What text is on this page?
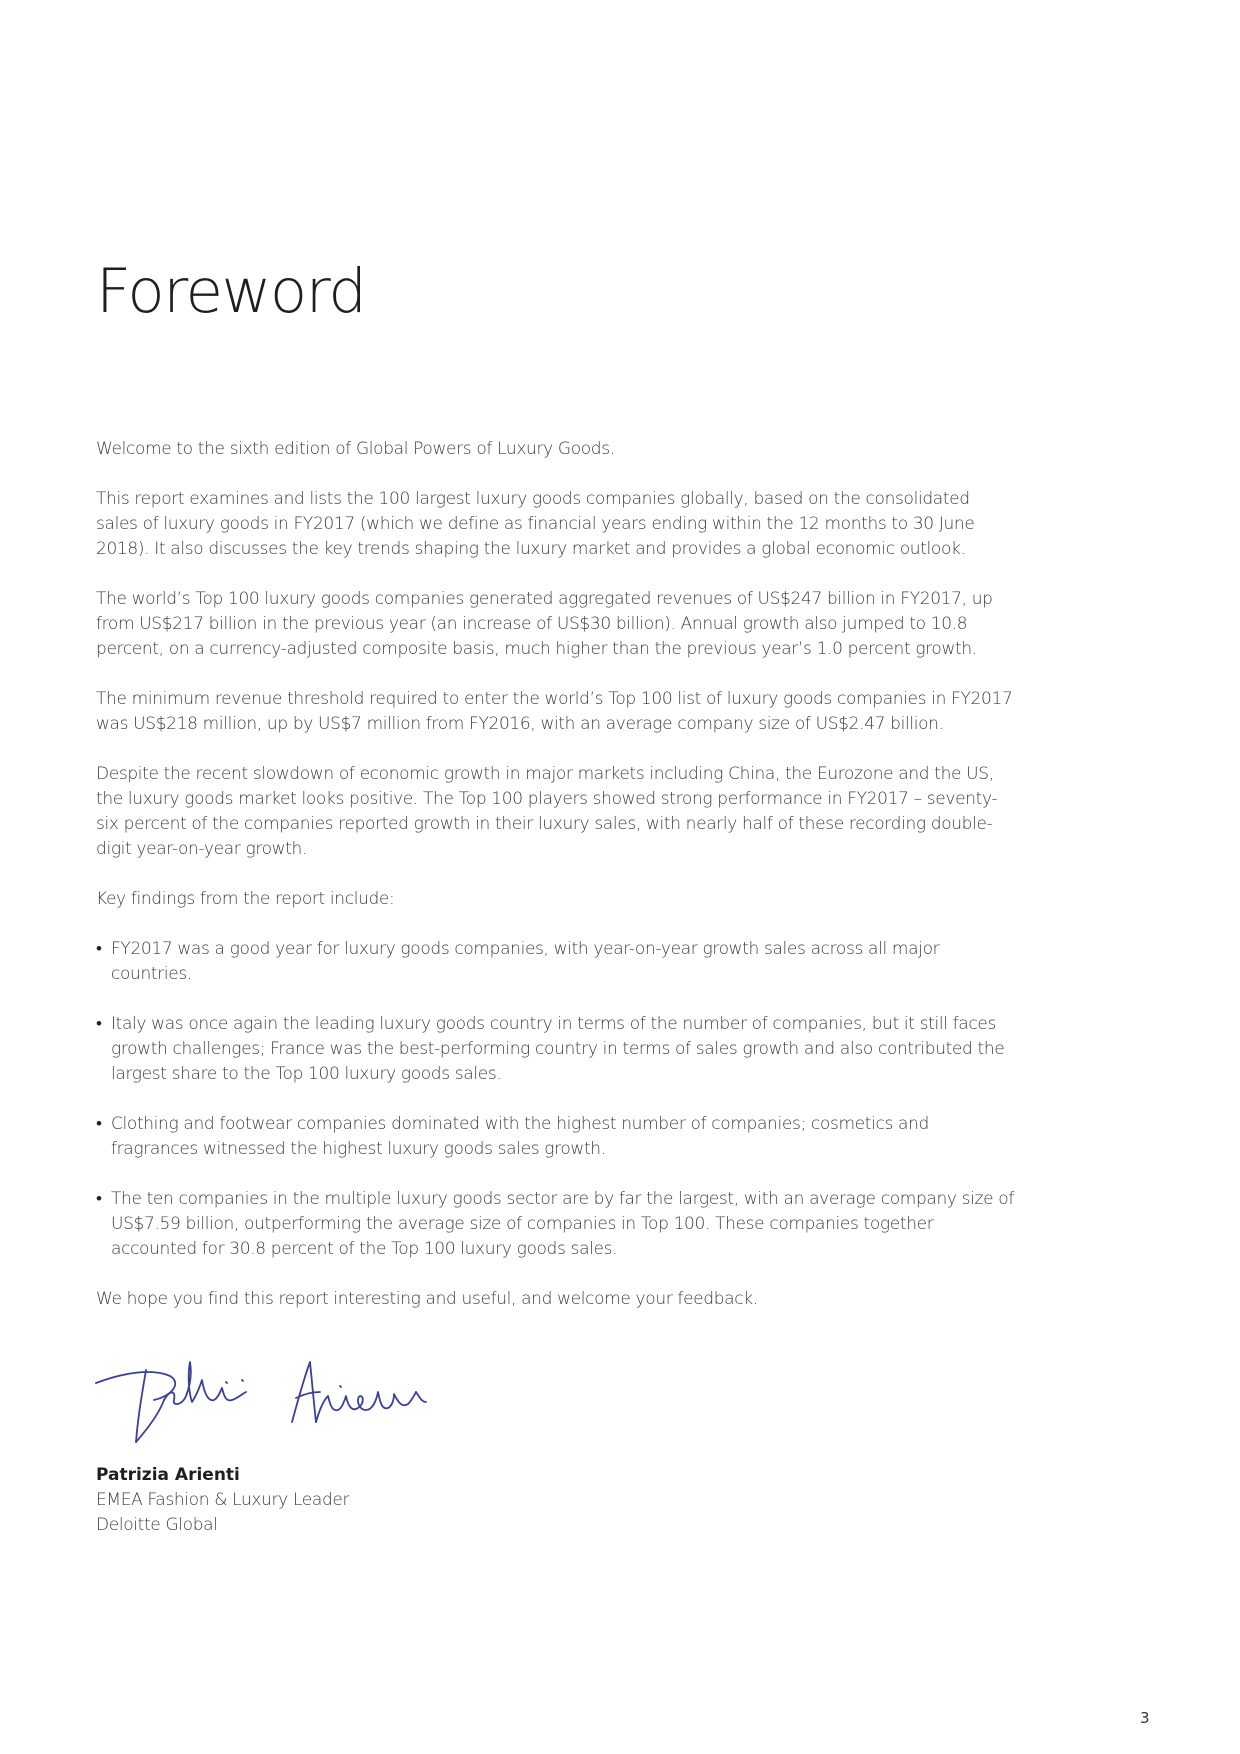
Foreword

Welcome to the sixth edition of Global Powers of Luxury Goods.

This report examines and lists the 100 largest luxury goods companies globally, based on the consolidated sales of luxury goods in FY2017 (which we define as financial years ending within the 12 months to 30 June 2018). It also discusses the key trends shaping the luxury market and provides a global economic outlook.

The world’s Top 100 luxury goods companies generated aggregated revenues of US$247 billion in FY2017, up from US$217 billion in the previous year (an increase of US$30 billion). Annual growth also jumped to 10.8 percent, on a currency-adjusted composite basis, much higher than the previous year’s 1.0 percent growth.

The minimum revenue threshold required to enter the world’s Top 100 list of luxury goods companies in FY2017 was US$218 million, up by US$7 million from FY2016, with an average company size of US$2.47 billion.

Despite the recent slowdown of economic growth in major markets including China, the Eurozone and the US, the luxury goods market looks positive. The Top 100 players showed strong performance in FY2017 – seventy-six percent of the companies reported growth in their luxury sales, with nearly half of these recording double-digit year-on-year growth.

Key findings from the report include:

• FY2017 was a good year for luxury goods companies, with year-on-year growth sales across all major countries.
• Italy was once again the leading luxury goods country in terms of the number of companies, but it still faces growth challenges; France was the best-performing country in terms of sales growth and also contributed the largest share to the Top 100 luxury goods sales.
• Clothing and footwear companies dominated with the highest number of companies; cosmetics and fragrances witnessed the highest luxury goods sales growth.
• The ten companies in the multiple luxury goods sector are by far the largest, with an average company size of US$7.59 billion, outperforming the average size of companies in Top 100. These companies together accounted for 30.8 percent of the Top 100 luxury goods sales.

We hope you find this report interesting and useful, and welcome your feedback.

Patrizia Arienti
EMEA Fashion & Luxury Leader
Deloitte Global
3
